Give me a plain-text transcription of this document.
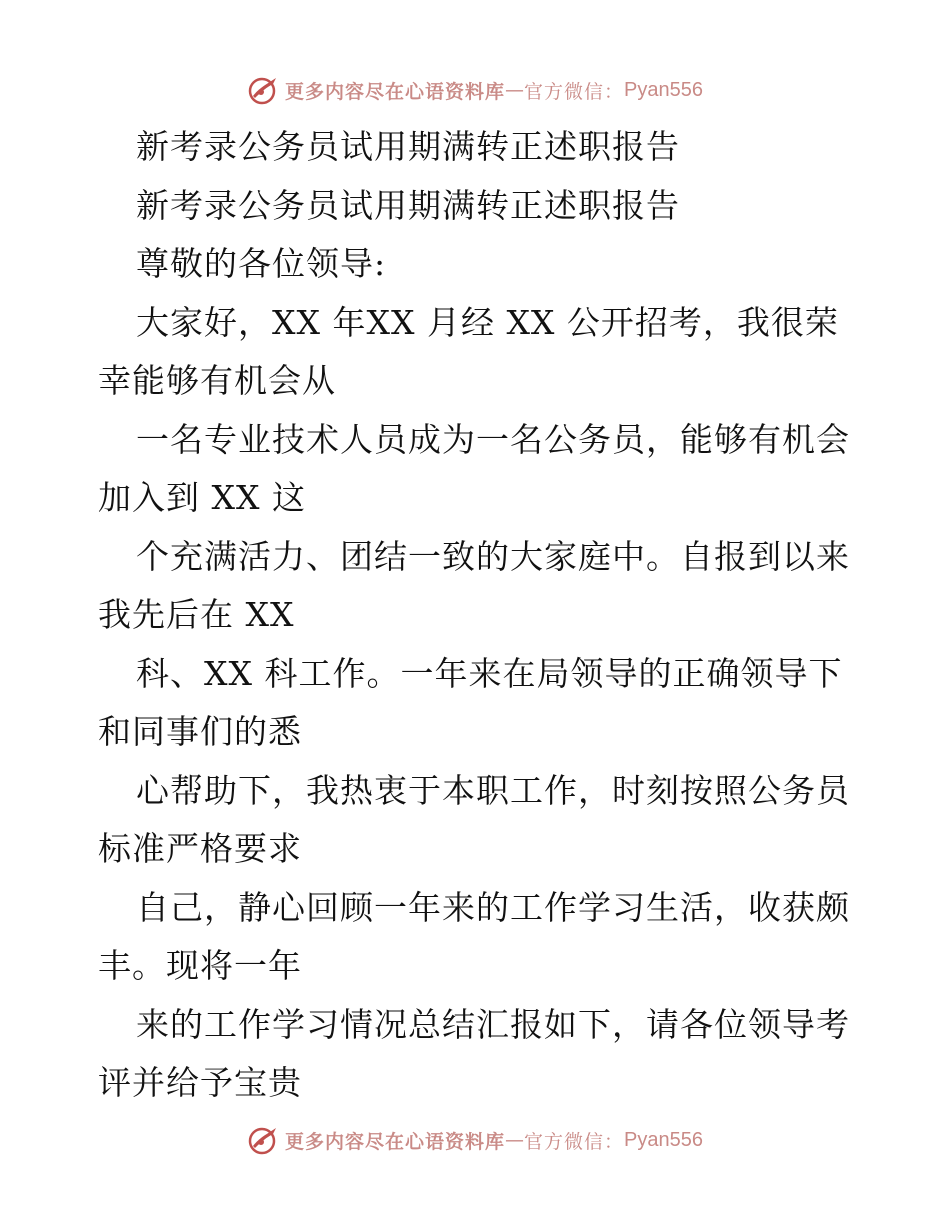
更多内容尽在心语资料库 — 官方微信： Pyan556
新考录公务员试用期满转正述职报告
新考录公务员试用期满转正述职报告
尊敬的各位领导:
大家好，XX 年XX 月经 XX 公开招考，我很荣
幸能够有机会从
一名专业技术人员成为一名公务员，能够有机会
加入到 XX 这
个充满活力、团结一致的大家庭中。自报到以来
我先后在 XX
科、XX 科工作。一年来在局领导的正确领导下
和同事们的悉
心帮助下，我热衷于本职工作，时刻按照公务员
标准严格要求
自己，静心回顾一年来的工作学习生活，收获颇
丰。现将一年
来的工作学习情况总结汇报如下，请各位领导考
评并给予宝贵
更多内容尽在心语资料库 — 官方微信： Pyan556
